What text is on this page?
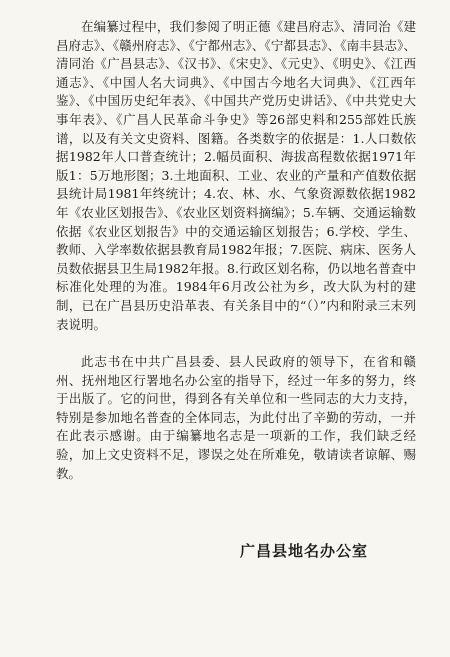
在编纂过程中，我们参阅了明正德《建昌府志》、清同治《建昌府志》、《赣州府志》、《宁都州志》、《宁都县志》、《南丰县志》、清同治《广昌县志》、《汉书》、《宋史》、《元史》、《明史》、《江西通志》、《中国人名大词典》、《中国古今地名大词典》、《江西年鉴》、《中国历史纪年表》、《中国共产党历史讲话》、《中共党史大事年表》、《广昌人民革命斗争史》等26部史料和255部姓氏族谱，以及有关文史资料、图籍。各类数字的依据是：1.人口数依据1982年人口普查统计；2.幅员面积、海拔高程数依据1971年版1：5万地形图；3.土地面积、工业、农业的产量和产值数依据县统计局1981年终统计；4.农、林、水、气象资源数依据1982年《农业区划报告》、《农业区划资料摘编》；5.车辆、交通运输数依据《农业区划报告》中的交通运输区划报告；6.学校、学生、教师、入学率数依据县教育局1982年报；7.医院、病床、医务人员数依据县卫生局1982年报。8.行政区划名称，仍以地名普查中标准化处理的为准。1984年6月改公社为乡，改大队为村的建制，已在广昌县历史沿革表、有关条目中的“（）”内和附录三末列表说明。

此志书在中共广昌县委、县人民政府的领导下，在省和赣州、抚州地区行署地名办公室的指导下，经过一年多的努力，终于出版了。它的问世，得到各有关单位和一些同志的大力支持，特别是参加地名普查的全体同志，为此付出了辛勤的劳动，一并在此表示感谢。由于编纂地名志是一项新的工作，我们缺乏经验，加上文史资料不足，谬误之处在所难免，敬请读者谅解、赐教。

广昌县地名办公室
